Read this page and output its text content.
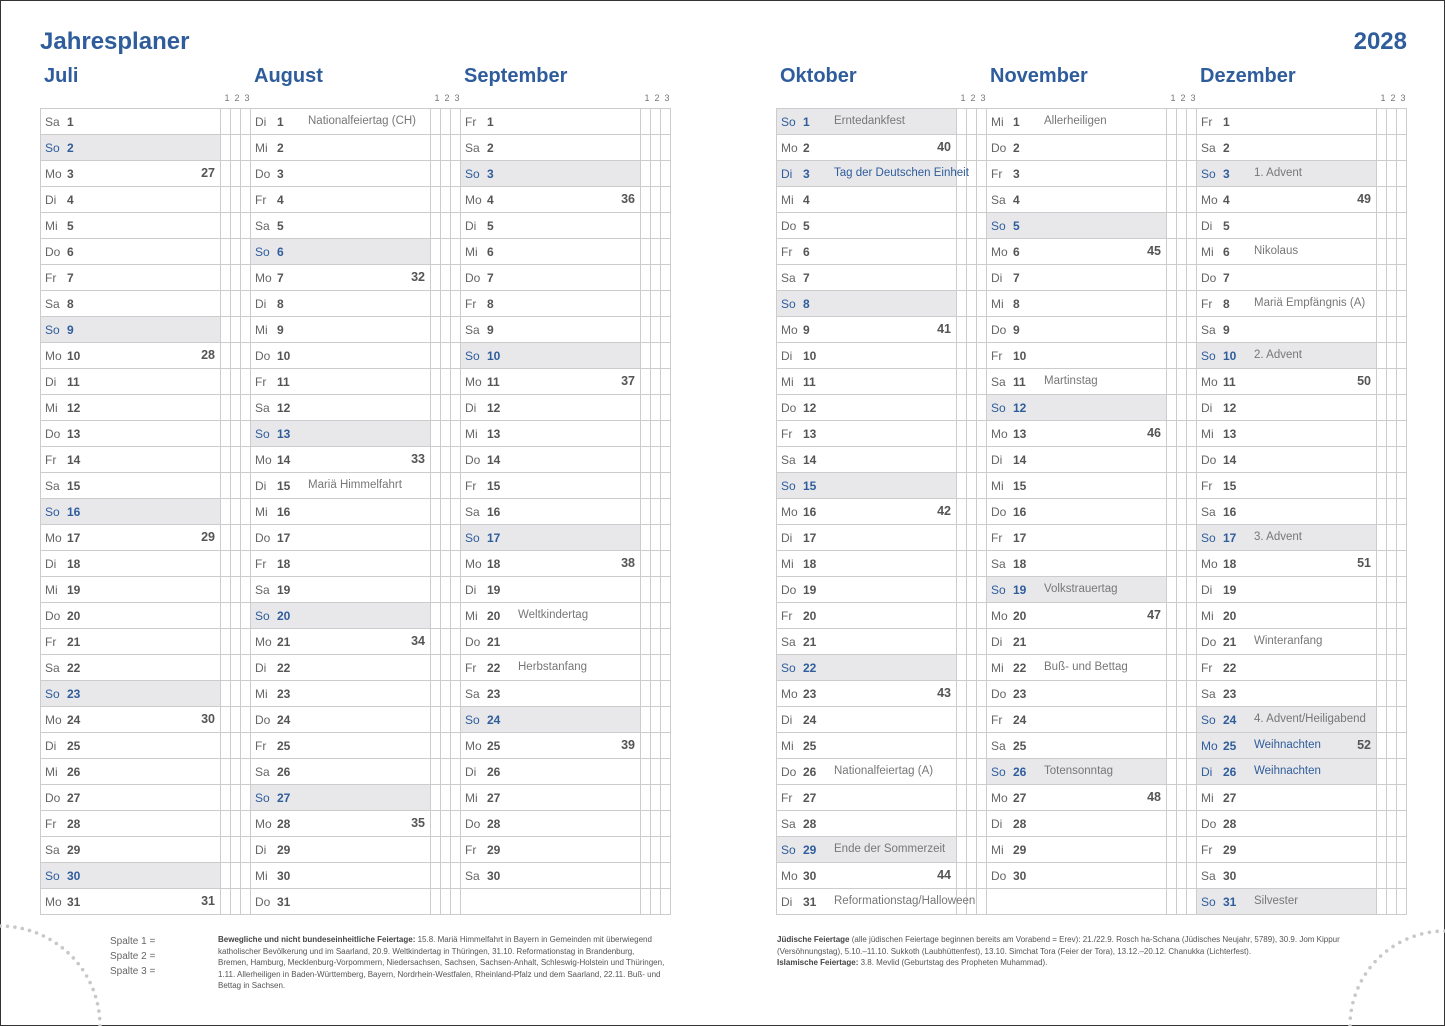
Jahresplaner	2028
Juli
1 2 3
Sa 1
So 2
Mo 3	27
Di 4
Mi 5
Do 6
Fr 7
Sa 8
So 9
Mo 10	28
Di 11
Mi 12
Do 13
Fr 14
Sa 15
So 16
Mo 17	29
Di 18
Mi 19
Do 20
Fr 21
Sa 22
So 23
Mo 24	30
Di 25
Mi 26
Do 27
Fr 28
Sa 29
So 30
Mo 31	31
August
1 2 3
Di 1 Nationalfeiertag (CH)
Mi 2
Do 3
Fr 4
Sa 5
So 6
Mo 7	32
Di 8
Mi 9
Do 10
Fr 11
Sa 12
So 13
Mo 14	33
Di 15 Mariä Himmelfahrt
Mi 16
Do 17
Fr 18
Sa 19
So 20
Mo 21	34
Di 22
Mi 23
Do 24
Fr 25
Sa 26
So 27
Mo 28	35
Di 29
Mi 30
Do 31
September
1 2 3
Fr 1
Sa 2
So 3
Mo 4	36
Di 5
Mi 6
Do 7
Fr 8
Sa 9
So 10
Mo 11	37
Di 12
Mi 13
Do 14
Fr 15
Sa 16
So 17
Mo 18	38
Di 19
Mi 20 Weltkindertag
Do 21
Fr 22 Herbstanfang
Sa 23
So 24
Mo 25	39
Di 26
Mi 27
Do 28
Fr 29
Sa 30
Oktober
1 2 3
So 1 Erntedankfest
Mo 2	40
Di 3 Tag der Deutschen Einheit
Mi 4
Do 5
Fr 6
Sa 7
So 8
Mo 9	41
Di 10
Mi 11
Do 12
Fr 13
Sa 14
So 15
Mo 16	42
Di 17
Mi 18
Do 19
Fr 20
Sa 21
So 22
Mo 23	43
Di 24
Mi 25
Do 26 Nationalfeiertag (A)
Fr 27
Sa 28
So 29 Ende der Sommerzeit
Mo 30	44
Di 31 Reformationstag/Halloween
November
1 2 3
Mi 1 Allerheiligen
Do 2
Fr 3
Sa 4
So 5
Mo 6	45
Di 7
Mi 8
Do 9
Fr 10
Sa 11 Martinstag
So 12
Mo 13	46
Di 14
Mi 15
Do 16
Fr 17
Sa 18
So 19 Volkstrauertag
Mo 20	47
Di 21
Mi 22 Buß- und Bettag
Do 23
Fr 24
Sa 25
So 26 Totensonntag
Mo 27	48
Di 28
Mi 29
Do 30
Dezember
1 2 3
Fr 1
Sa 2
So 3 1. Advent
Mo 4	49
Di 5
Mi 6 Nikolaus
Do 7
Fr 8 Mariä Empfängnis (A)
Sa 9
So 10 2. Advent
Mo 11	50
Di 12
Mi 13
Do 14
Fr 15
Sa 16
So 17 3. Advent
Mo 18	51
Di 19
Mi 20
Do 21 Winteranfang
Fr 22
Sa 23
So 24 4. Advent/Heiligabend
Mo 25 Weihnachten	52
Di 26 Weihnachten
Mi 27
Do 28
Fr 29
Sa 30
So 31 Silvester
Spalte 1 =
Spalte 2 =
Spalte 3 =
Bewegliche und nicht bundeseinheitliche Feiertage: 15.8. Mariä Himmelfahrt in Bayern in Gemeinden mit überwiegend katholischer Bevölkerung und im Saarland, 20.9. Weltkindertag in Thüringen, 31.10. Reformationstag in Brandenburg, Bremen, Hamburg, Mecklenburg-Vorpommern, Niedersachsen, Sachsen, Sachsen-Anhalt, Schleswig-Holstein und Thüringen, 1.11. Allerheiligen in Baden-Württemberg, Bayern, Nordrhein-Westfalen, Rheinland-Pfalz und dem Saarland, 22.11. Buß- und Bettag in Sachsen.
Jüdische Feiertage (alle jüdischen Feiertage beginnen bereits am Vorabend = Erev): 21./22.9. Rosch ha-Schana (Jüdisches Neujahr, 5789), 30.9. Jom Kippur (Versöhnungstag), 5.10.–11.10. Sukkoth (Laubhüttenfest), 13.10. Simchat Tora (Feier der Tora), 13.12.–20.12. Chanukka (Lichterfest).
Islamische Feiertage: 3.8. Mevlid (Geburtstag des Propheten Muhammad).
